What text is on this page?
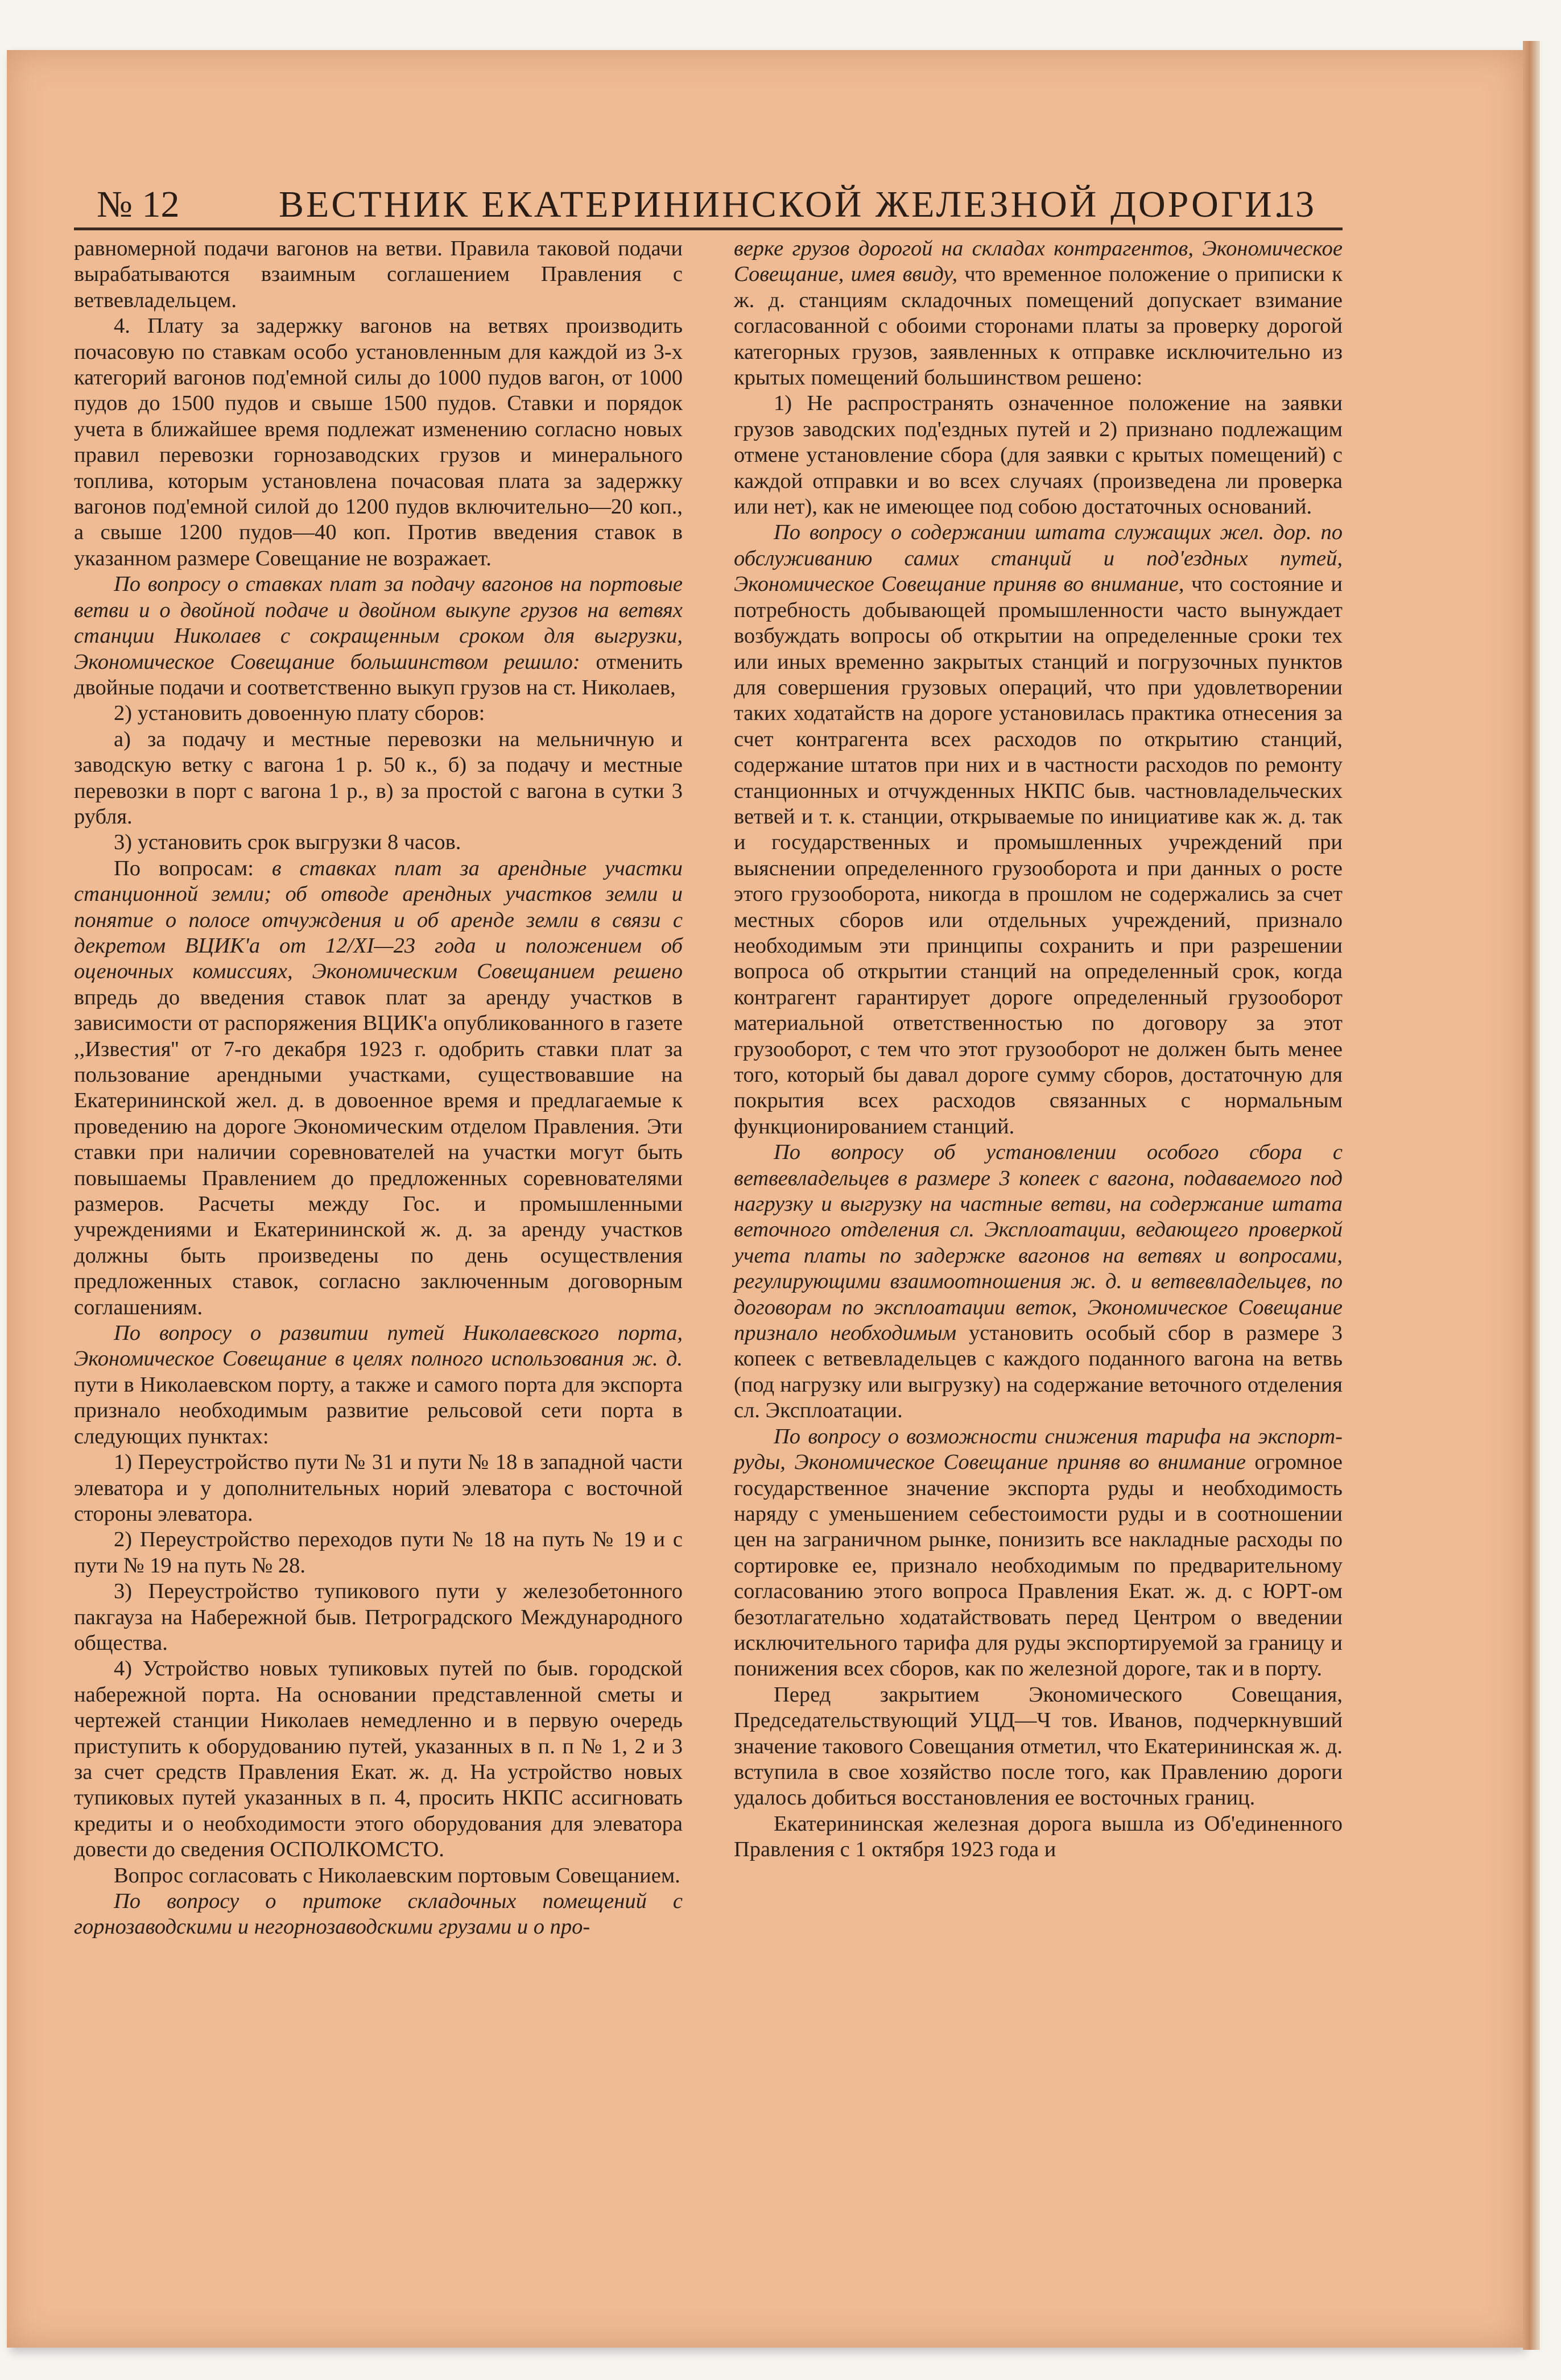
№ 12	ВЕСТНИК ЕКАТЕРИНИНСКОЙ ЖЕЛЕЗНОЙ ДОРОГИ.
13

равномерной подачи вагонов на ветви. Правила таковой подачи вырабатываются взаимным соглашением Правления с ветвевладельцем.

4. Плату за задержку вагонов на ветвях производить почасовую по ставкам особо установленным для каждой из 3-х категорий вагонов под'емной силы до 1000 пудов вагон, от 1000 пудов до 1500 пудов и свыше 1500 пудов. Ставки и порядок учета в ближайшее время подлежат изменению согласно новых правил перевозки горнозаводских грузов и минерального топлива, которым установлена почасовая плата за задержку вагонов под'емной силой до 1200 пудов включительно—20 коп., а свыше 1200 пудов—40 коп. Против введения ставок в указанном размере Совещание не возражает.

По вопросу о ставках плат за подачу вагонов на портовые ветви и о двойной подаче и двойном выкупе грузов на ветвях станции Николаев с сокращенным сроком для выгрузки, Экономическое Совещание большинством решило: отменить двойные подачи и соответственно выкуп грузов на ст. Николаев,

2) установить довоенную плату сборов:

а) за подачу и местные перевозки на мельничную и заводскую ветку с вагона 1 р. 50 к., б) за подачу и местные перевозки в порт с вагона 1 р., в) за простой с вагона в сутки 3 рубля.

3) установить срок выгрузки 8 часов.

По вопросам: в ставках плат за арендные участки станционной земли; об отводе арендных участков земли и понятие о полосе отчуждения и об аренде земли в связи с декретом ВЦИК'а от 12/XI—23 года и положением об оценочных комиссиях, Экономическим Совещанием решено впредь до введения ставок плат за аренду участков в зависимости от распоряжения ВЦИК'а опубликованного в газете ,,Известия'' от 7-го декабря 1923 г. одобрить ставки плат за пользование арендными участками, существовавшие на Екатерининской жел. д. в довоенное время и предлагаемые к проведению на дороге Экономическим отделом Правления. Эти ставки при наличии соревнователей на участки могут быть повышаемы Правлением до предложенных соревнователями размеров. Расчеты между Гос. и промышленными учреждениями и Екатерининской ж. д. за аренду участков должны быть произведены по день осуществления предложенных ставок, согласно заключенным договорным соглашениям.

По вопросу о развитии путей Николаевского порта, Экономическое Совещание в целях полного использования ж. д. пути в Николаевском порту, а также и самого порта для экспорта признало необходимым развитие рельсовой сети порта в следующих пунктах:

1) Переустройство пути № 31 и пути № 18 в западной части элеватора и у дополнительных норий элеватора с восточной стороны элеватора.

2) Переустройство переходов пути № 18 на путь № 19 и с пути № 19 на путь № 28.

3) Переустройство тупикового пути у железобетонного пакгауза на Набережной быв. Петроградского Международного общества.

4) Устройство новых тупиковых путей по быв. городской набережной порта. На основании представленной сметы и чертежей станции Николаев немедленно и в первую очередь приступить к оборудованию путей, указанных в п. п № 1, 2 и 3 за счет средств Правления Екат. ж. д. На устройство новых тупиковых путей указанных в п. 4, просить НКПС ассигновать кредиты и о необходимости этого оборудования для элеватора довести до сведения ОСПОЛКОМСТО.

Вопрос согласовать с Николаевским портовым Совещанием.

По вопросу о притоке складочных помещений с горнозаводскими и негорнозаводскими грузами и о про-

верке грузов дорогой на складах контрагентов, Экономическое Совещание, имея ввиду, что временное положение о приписки к ж. д. станциям складочных помещений допускает взимание согласованной с обоими сторонами платы за проверку дорогой категорных грузов, заявленных к отправке исключительно из крытых помещений большинством решено:

1) Не распространять означенное положение на заявки грузов заводских под'ездных путей и 2) признано подлежащим отмене установление сбора (для заявки с крытых помещений) с каждой отправки и во всех случаях (произведена ли проверка или нет), как не имеющее под собою достаточных оснований.

По вопросу о содержании штата служащих жел. дор. по обслуживанию самих станций и под'ездных путей, Экономическое Совещание приняв во внимание, что состояние и потребность добывающей промышленности часто вынуждает возбуждать вопросы об открытии на определенные сроки тех или иных временно закрытых станций и погрузочных пунктов для совершения грузовых операций, что при удовлетворении таких ходатайств на дороге установилась практика отнесения за счет контрагента всех расходов по открытию станций, содержание штатов при них и в частности расходов по ремонту станционных и отчужденных НКПС быв. частновладельческих ветвей и т. к. станции, открываемые по инициативе как ж. д. так и государственных и промышленных учреждений при выяснении определенного грузооборота и при данных о росте этого грузооборота, никогда в прошлом не содержались за счет местных сборов или отдельных учреждений, признало необходимым эти принципы сохранить и при разрешении вопроса об открытии станций на определенный срок, когда контрагент гарантирует дороге определенный грузооборот материальной ответственностью по договору за этот грузооборот, с тем что этот грузооборот не должен быть менее того, который бы давал дороге сумму сборов, достаточную для покрытия всех расходов связанных с нормальным функционированием станций.

По вопросу об установлении особого сбора с ветвевладельцев в размере 3 копеек с вагона, подаваемого под нагрузку и выгрузку на частные ветви, на содержание штата веточного отделения сл. Эксплоатации, ведающего проверкой учета платы по задержке вагонов на ветвях и вопросами, регулирующими взаимоотношения ж. д. и ветвевладельцев, по договорам по эксплоатации веток, Экономическое Совещание признало необходимым установить особый сбор в размере 3 копеек с ветвевладельцев с каждого поданного вагона на ветвь (под нагрузку или выгрузку) на содержание веточного отделения сл. Эксплоатации.

По вопросу о возможности снижения тарифа на экспорт-руды, Экономическое Совещание приняв во внимание огромное государственное значение экспорта руды и необходимость наряду с уменьшением себестоимости руды и в соотношении цен на заграничном рынке, понизить все накладные расходы по сортировке ее, признало необходимым по предварительному согласованию этого вопроса Правления Екат. ж. д. с ЮРТ-ом безотлагательно ходатайствовать перед Центром о введении исключительного тарифа для руды экспортируемой за границу и понижения всех сборов, как по железной дороге, так и в порту.

Перед закрытием Экономического Совещания, Председательствующий УЦД—Ч тов. Иванов, подчеркнувший значение такового Совещания отметил, что Екатерининская ж. д. вступила в свое хозяйство после того, как Правлению дороги удалось добиться восстановления ее восточных границ.

Екатерининская железная дорога вышла из Об'единенного Правления с 1 октября 1923 года и
